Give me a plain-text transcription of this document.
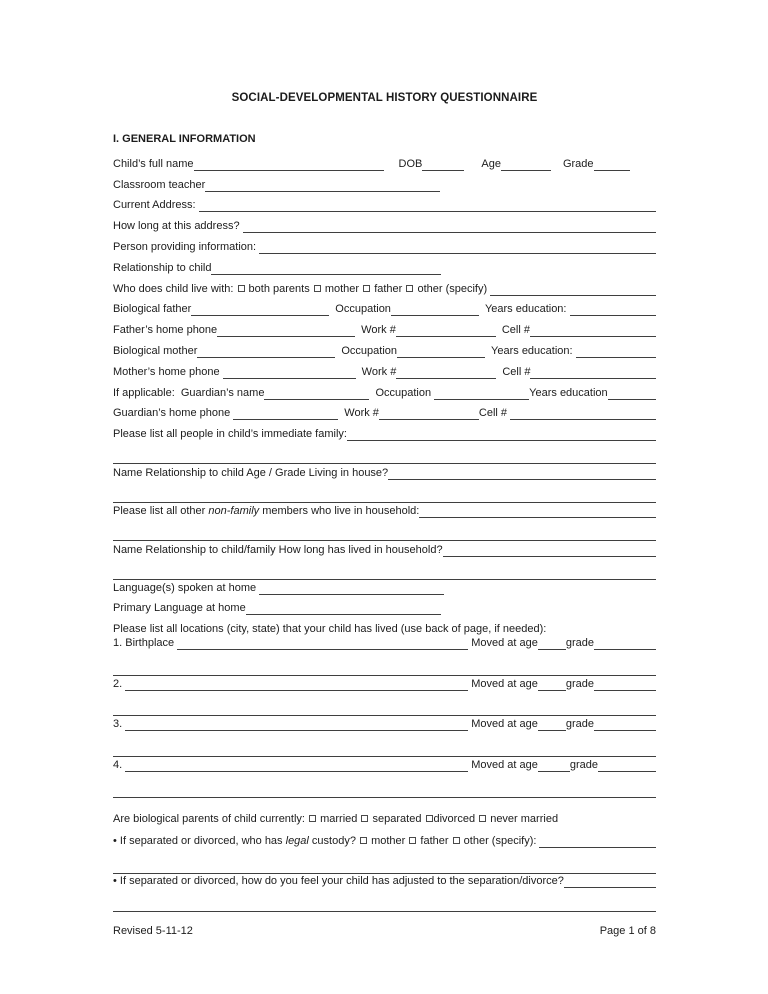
SOCIAL-DEVELOPMENTAL HISTORY QUESTIONNAIRE
I. GENERAL INFORMATION
Child’s full name	DOB	Age	Grade
Classroom teacher
Current Address:
How long at this address?
Person providing information:
Relationship to child
Who does child live with: both parents mother father other (specify)
Biological father	Occupation	Years education:
Father’s home phone	Work #	Cell #
Biological mother	Occupation	Years education:
Mother’s home phone	Work #	Cell #
If applicable:  Guardian’s name	Occupation	Years education
Guardian’s home phone	Work #	Cell #
Please list all people in child’s immediate family:
Name Relationship to child Age / Grade Living in house?
Please list all other non-family members who live in household:
Name Relationship to child/family How long has lived in household?
Language(s) spoken at home
Primary Language at home
Please list all locations (city, state) that your child has lived (use back of page, if needed):
1. Birthplace	Moved at age	grade
2.	Moved at age	grade
3.	Moved at age	grade
4.	Moved at age	grade
Are biological parents of child currently: married separated divorced never married
• If separated or divorced, who has legal custody? mother father other (specify):
• If separated or divorced, how do you feel your child has adjusted to the separation/divorce?
Revised 5-11-12	Page 1 of 8
